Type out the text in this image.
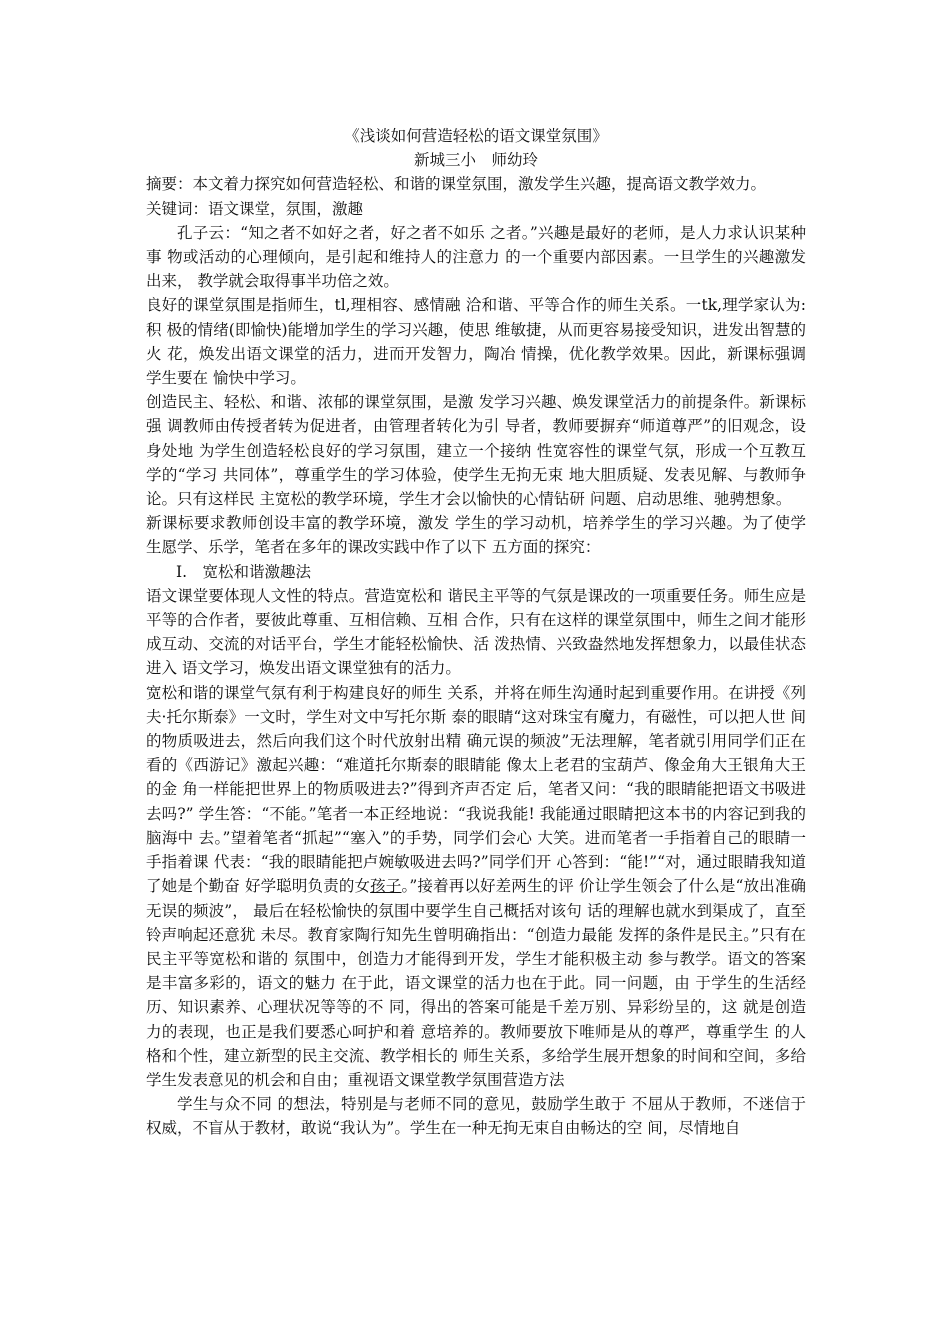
《浅谈如何营造轻松的语文课堂氛围》

新城三小　师幼玲

摘要：本文着力探究如何营造轻松、和谐的课堂氛围，激发学生兴趣，提高语文教学效力。

关键词：语文课堂，氛围，激趣

孔子云：“知之者不如好之者，好之者不如乐 之者。”兴趣是最好的老师，是人力求认识某种事 物或活动的心理倾向，是引起和维持人的注意力 的一个重要内部因素。一旦学生的兴趣激发出来， 教学就会取得事半功倍之效。

良好的课堂氛围是指师生，tl,理相容、感情融 洽和谐、平等合作的师生关系。一tk,理学家认为: 积 极的情绪(即愉快)能增加学生的学习兴趣，使思 维敏捷，从而更容易接受知识，进发出智慧的火 花，焕发出语文课堂的活力，进而开发智力，陶冶 情操，优化教学效果。因此，新课标强调学生要在 愉快中学习。

创造民主、轻松、和谐、浓郁的课堂氛围，是激 发学习兴趣、焕发课堂活力的前提条件。新课标强 调教师由传授者转为促进者，由管理者转化为引 导者，教师要摒弃“师道尊严”的旧观念，设身处地 为学生创造轻松良好的学习氛围，建立一个接纳 性宽容性的课堂气氛，形成一个互教互学的“学习 共同体”，尊重学生的学习体验，使学生无拘无束 地大胆质疑、发表见解、与教师争论。只有这样民 主宽松的教学环境，学生才会以愉快的心情钻研 问题、启动思维、驰骋想象。

新课标要求教师创设丰富的教学环境，激发 学生的学习动机，培养学生的学习兴趣。为了使学 生愿学、乐学，笔者在多年的课改实践中作了以下 五方面的探究：

I.　宽松和谐激趣法

语文课堂要体现人文性的特点。营造宽松和 谐民主平等的气氛是课改的一项重要任务。师生应是平等的合作者，要彼此尊重、互相信赖、互相 合作，只有在这样的课堂氛围中，师生之间才能形 成互动、交流的对话平台，学生才能轻松愉快、活 泼热情、兴致盎然地发挥想象力，以最佳状态进入 语文学习，焕发出语文课堂独有的活力。

宽松和谐的课堂气氛有利于构建良好的师生 关系，并将在师生沟通时起到重要作用。在讲授《列夫·托尔斯泰》一文时，学生对文中写托尔斯 泰的眼睛“这对珠宝有魔力，有磁性，可以把人世 间的物质吸进去，然后向我们这个时代放射出精 确元误的频波”无法理解，笔者就引用同学们正在 看的《西游记》激起兴趣：“难道托尔斯泰的眼睛能 像太上老君的宝葫芦、像金角大王银角大王的金 角一样能把世界上的物质吸进去?”得到齐声否定 后，笔者又问：“我的眼睛能把语文书吸进去吗?” 学生答：“不能。”笔者一本正经地说：“我说我能! 我能通过眼睛把这本书的内容记到我的脑海中 去。”望着笔者“抓起”“塞入”的手势，同学们会心 大笑。进而笔者一手指着自己的眼睛一手指着课 代表：“我的眼睛能把卢婉敏吸进去吗?”同学们开 心答到：“能!”“对，通过眼睛我知道了她是个勤奋 好学聪明负责的女孩子。”接着再以好差两生的评 价让学生领会了什么是“放出准确无误的频波”， 最后在轻松愉快的氛围中要学生自己概括对该句 话的理解也就水到渠成了，直至铃声响起还意犹 未尽。教育家陶行知先生曾明确指出：“创造力最能 发挥的条件是民主。”只有在民主平等宽松和谐的 氛围中，创造力才能得到开发，学生才能积极主动 参与教学。语文的答案是丰富多彩的，语文的魅力 在于此，语文课堂的活力也在于此。同一问题，由 于学生的生活经历、知识素养、心理状况等等的不 同，得出的答案可能是千差万别、异彩纷呈的，这 就是创造力的表现，也正是我们要悉心呵护和着 意培养的。教师要放下唯师是从的尊严，尊重学生 的人格和个性，建立新型的民主交流、教学相长的 师生关系，多给学生展开想象的时间和空间，多给学生发表意见的机会和自由；重视语文课堂教学氛围营造方法

学生与众不同 的想法，特别是与老师不同的意见，鼓励学生敢于 不屈从于教师，不迷信于权威，不盲从于教材，敢说“我认为”。学生在一种无拘无束自由畅达的空 间，尽情地自
